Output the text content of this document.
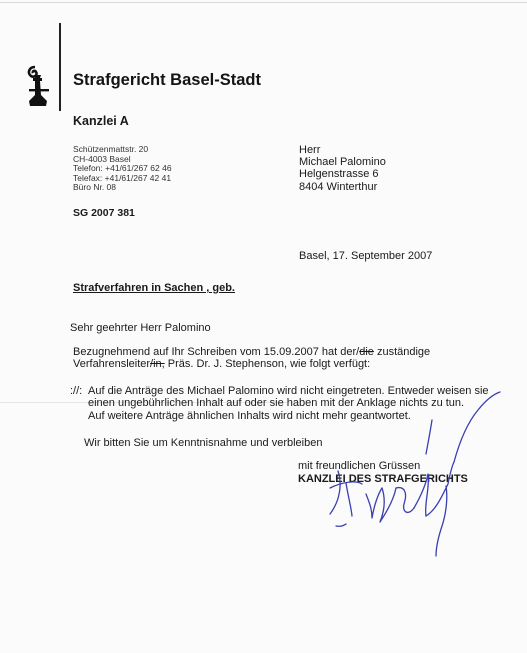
Strafgericht Basel-Stadt
Kanzlei A
Schützenmattstr. 20
CH-4003 Basel
Telefon: +41/61/267 62 46
Telefax: +41/61/267 42 41
Büro Nr. 08
SG 2007 381
Herr
Michael Palomino
Helgenstrasse 6
8404 Winterthur
Basel, 17. September 2007
Strafverfahren in Sachen , geb.
Sehr geehrter Herr Palomino
Bezugnehmend auf Ihr Schreiben vom 15.09.2007 hat der/die zuständige
Verfahrensleiter/in, Präs. Dr. J. Stephenson, wie folgt verfügt:
://: Auf die Anträge des Michael Palomino wird nicht eingetreten. Entweder weisen sie
einen ungebührlichen Inhalt auf oder sie haben mit der Anklage nichts zu tun.
Auf weitere Anträge ähnlichen Inhalts wird nicht mehr geantwortet.
Wir bitten Sie um Kenntnisnahme und verbleiben
mit freundlichen Grüssen
KANZLEI DES STRAFGERICHTS
